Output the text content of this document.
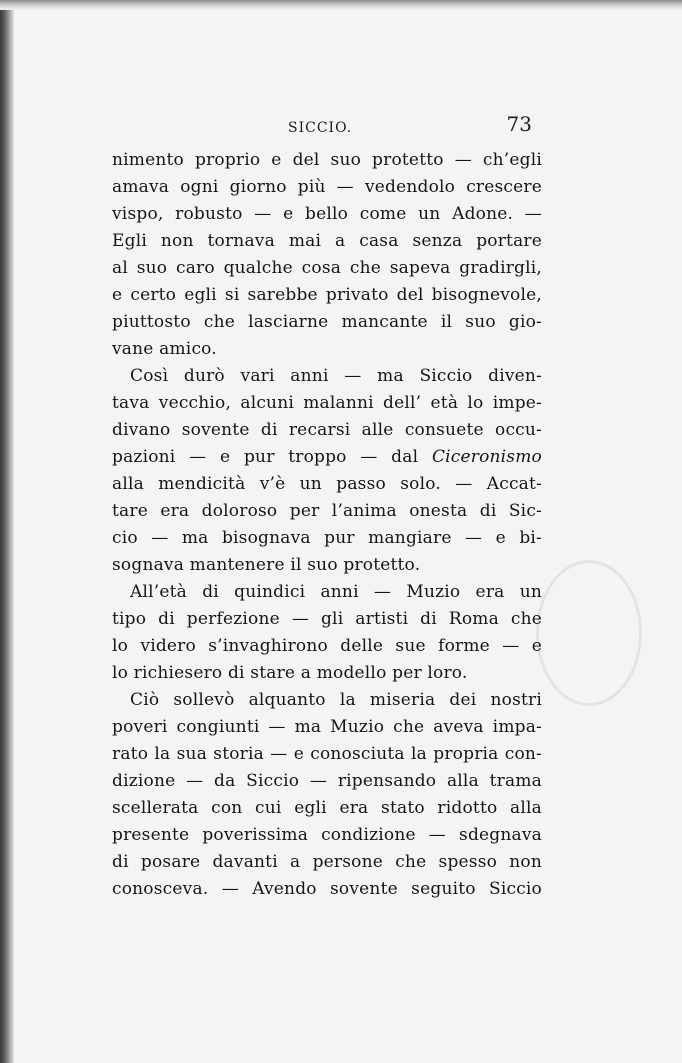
SICCIO.	73
nimento proprio e del suo protetto — ch’egli
amava ogni giorno più — vedendolo crescere
vispo, robusto — e bello come un Adone. —
Egli non tornava mai a casa senza portare
al suo caro qualche cosa che sapeva gradirgli,
e certo egli si sarebbe privato del bisognevole,
piuttosto che lasciarne mancante il suo gio-
vane amico.
Così durò vari anni — ma Siccio diven-
tava vecchio, alcuni malanni dell’ età lo impe-
divano sovente di recarsi alle consuete occu-
pazioni — e pur troppo — dal Ciceronismo
alla mendicità v’è un passo solo. — Accat-
tare era doloroso per l’anima onesta di Sic-
cio — ma bisognava pur mangiare — e bi-
sognava mantenere il suo protetto.
All’età di quindici anni — Muzio era un
tipo di perfezione — gli artisti di Roma che
lo videro s’invaghirono delle sue forme — e
lo richiesero di stare a modello per loro.
Ciò sollevò alquanto la miseria dei nostri
poveri congiunti — ma Muzio che aveva impa-
rato la sua storia — e conosciuta la propria con-
dizione — da Siccio — ripensando alla trama
scellerata con cui egli era stato ridotto alla
presente poverissima condizione — sdegnava
di posare davanti a persone che spesso non
conosceva. — Avendo sovente seguito Siccio
